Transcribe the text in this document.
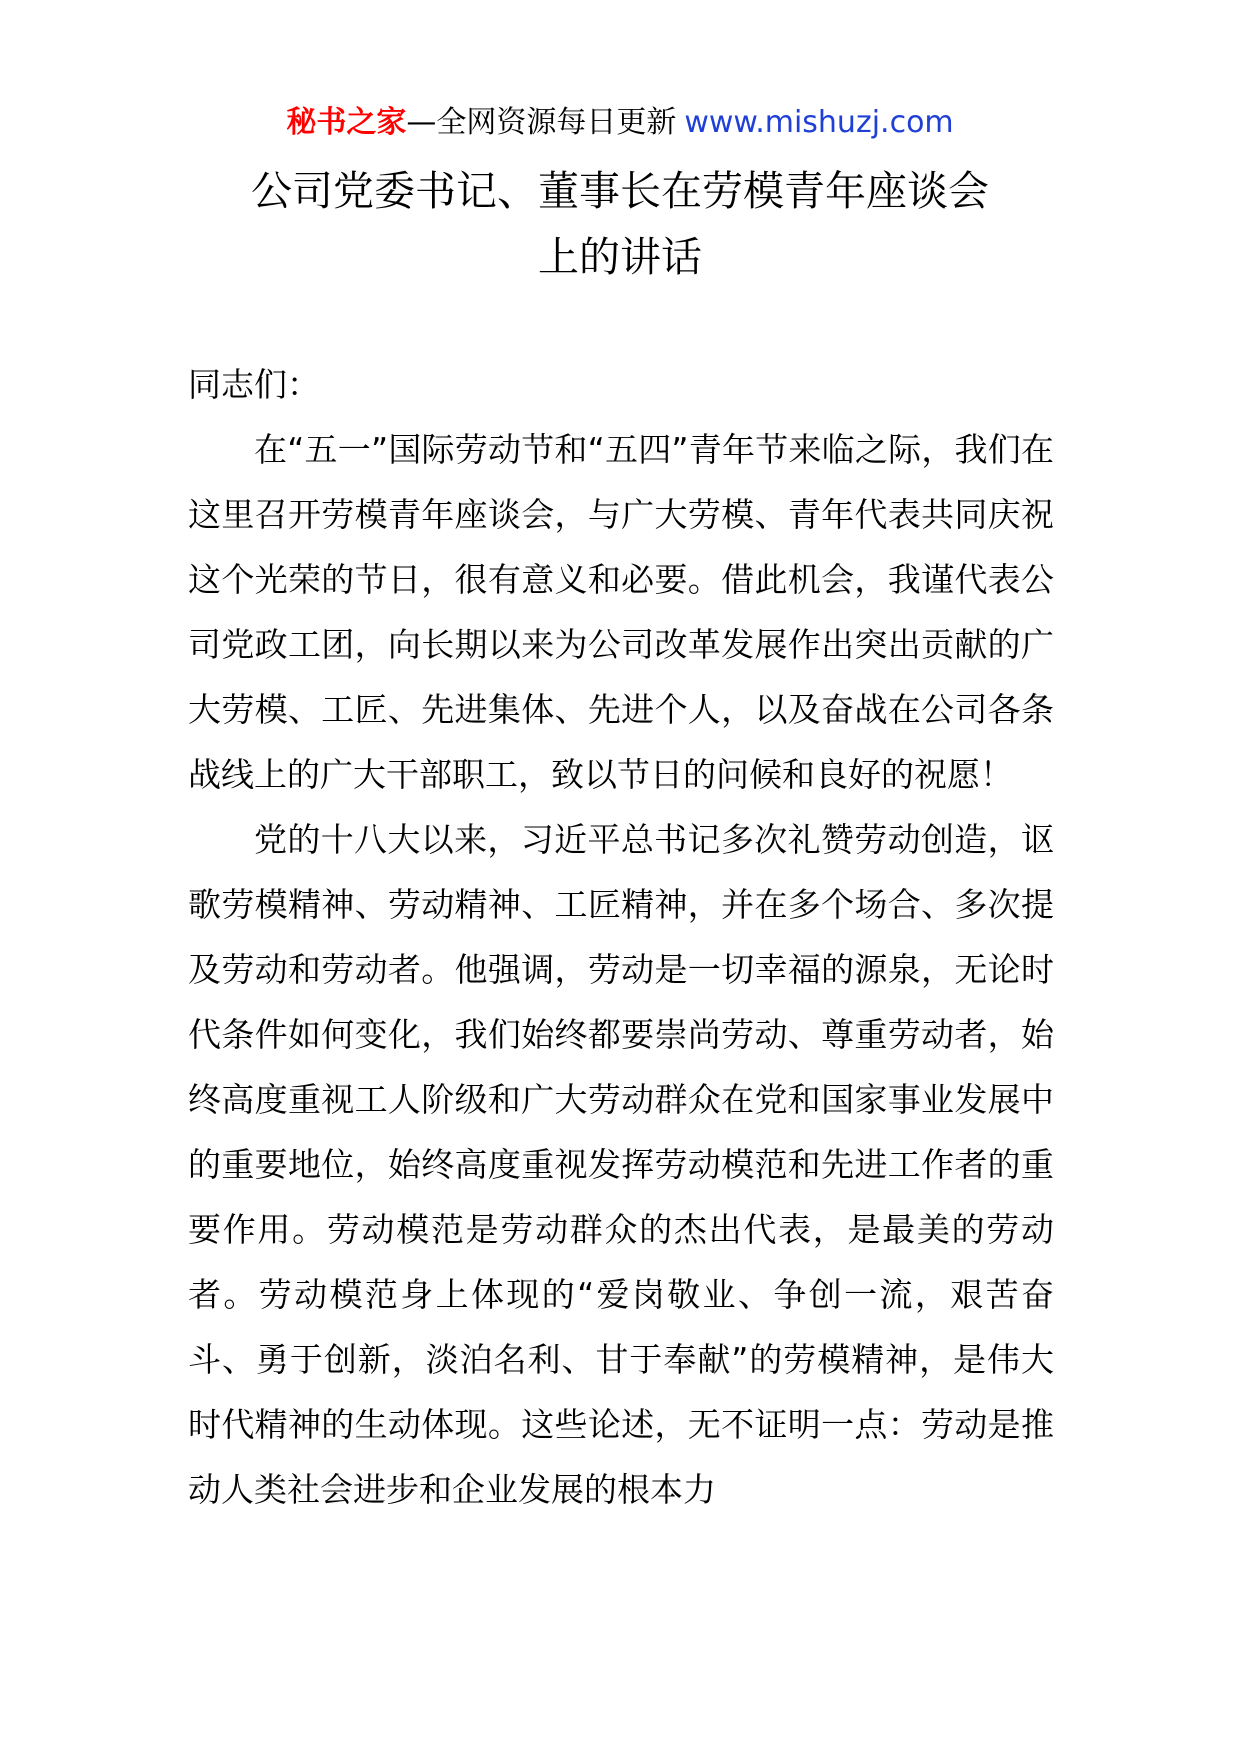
秘书之家—全网资源每日更新 www.mishuzj.com
公司党委书记、董事长在劳模青年座谈会
上的讲话

同志们：

在“五一”国际劳动节和“五四”青年节来临之际，我们在这里召开劳模青年座谈会，与广大劳模、青年代表共同庆祝这个光荣的节日，很有意义和必要。借此机会，我谨代表公司党政工团，向长期以来为公司改革发展作出突出贡献的广大劳模、工匠、先进集体、先进个人，以及奋战在公司各条战线上的广大干部职工，致以节日的问候和良好的祝愿！

党的十八大以来，习近平总书记多次礼赞劳动创造，讴歌劳模精神、劳动精神、工匠精神，并在多个场合、多次提及劳动和劳动者。他强调，劳动是一切幸福的源泉，无论时代条件如何变化，我们始终都要崇尚劳动、尊重劳动者，始终高度重视工人阶级和广大劳动群众在党和国家事业发展中的重要地位，始终高度重视发挥劳动模范和先进工作者的重要作用。劳动模范是劳动群众的杰出代表，是最美的劳动者。劳动模范身上体现的“爱岗敬业、争创一流，艰苦奋斗、勇于创新，淡泊名利、甘于奉献”的劳模精神，是伟大时代精神的生动体现。这些论述，无不证明一点：劳动是推动人类社会进步和企业发展的根本力
